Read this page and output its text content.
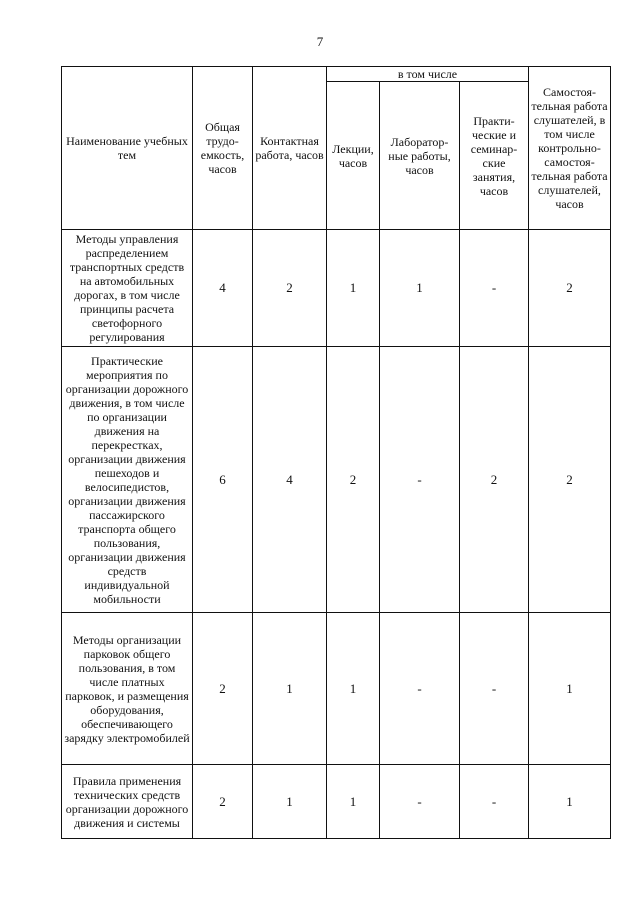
7
Наименование учебных тем	Общая трудо-емкость, часов	Контактная работа, часов	в том числе			Самостоя-тельная работа слушателей, в том числе контрольно-самостоя-тельная работа слушателей, часов
			Лекции, часов	Лаборатор-ные работы, часов	Практи-ческие и семинар-ские занятия, часов	
Методы управления распределением транспортных средств на автомобильных дорогах, в том числе принципы расчета светофорного регулирования	4	2	1	1	-	2
Практические мероприятия по организации дорожного движения, в том числе по организации движения на перекрестках, организации движения пешеходов и велосипедистов, организации движения пассажирского транспорта общего пользования, организации движения средств индивидуальной мобильности	6	4	2	-	2	2
Методы организации парковок общего пользования, в том числе платных парковок, и размещения оборудования, обеспечивающего зарядку электромобилей	2	1	1	-	-	1
Правила применения технических средств организации дорожного движения и системы	2	1	1	-	-	1
